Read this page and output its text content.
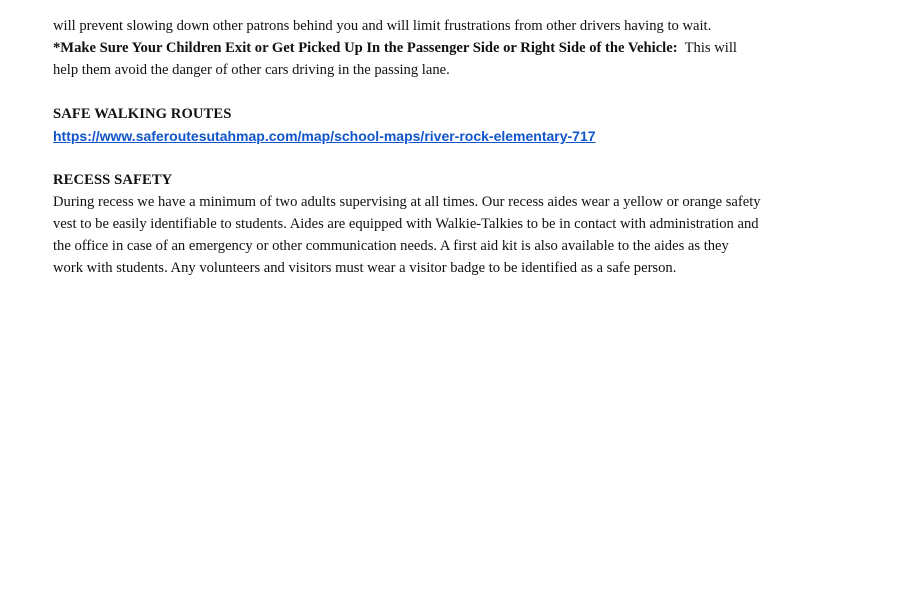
will prevent slowing down other patrons behind you and will limit frustrations from other drivers having to wait.
*Make Sure Your Children Exit or Get Picked Up In the Passenger Side or Right Side of the Vehicle:  This will
help them avoid the danger of other cars driving in the passing lane.
SAFE WALKING ROUTES
https://www.saferoutesutahmap.com/map/school-maps/river-rock-elementary-717
RECESS SAFETY
During recess we have a minimum of two adults supervising at all times. Our recess aides wear a yellow or orange safety
vest to be easily identifiable to students. Aides are equipped with Walkie-Talkies to be in contact with administration and
the office in case of an emergency or other communication needs. A first aid kit is also available to the aides as they
work with students. Any volunteers and visitors must wear a visitor badge to be identified as a safe person.
